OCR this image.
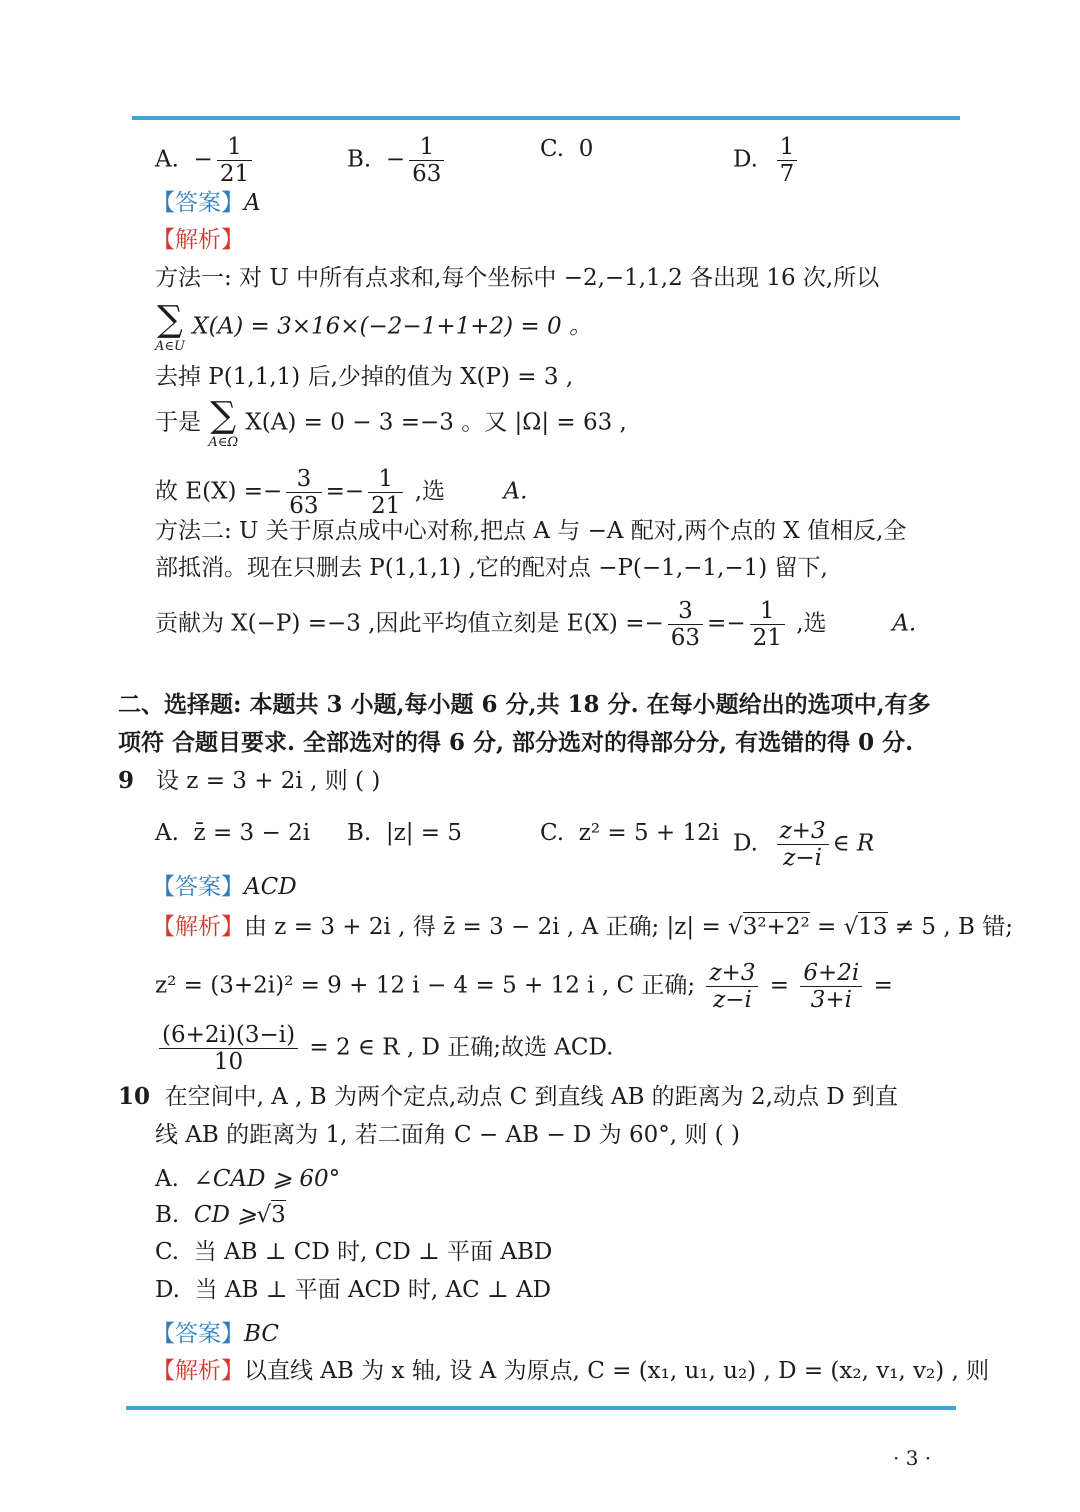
A. − $\frac{1}{21}$	B. − $\frac{1}{63}$	C. 0	D. $\frac{1}{7}$
【答案】A
【解析】
方法一: 对 U 中所有点求和,每个坐标中 −2,−1,1,2 各出现 16 次,所以
∑
A∈U
X(A) = 3×16×(−2−1+1+2) = 0 。
去掉 P(1,1,1) 后,少掉的值为 X(P) = 3 ,
于是 ∑
A∈Ω
X(A) = 0 − 3 =−3 。又 |Ω| = 63 ,
故 $E(X) =- \frac{3}{63} =- \frac{1}{21}$ ,选	A.
方法二: U 关于原点成中心对称,把点 A 与 −A 配对,两个点的 X 值相反,全
部抵消。现在只删去 P(1,1,1) ,它的配对点 −P(−1,−1,−1) 留下,
贡献为 X(−P) =−3 ,因此平均值立刻是 $E(X) =- \frac{3}{63} =- \frac{1}{21}$ ,选	A.
二、选择题: 本题共 3 小题,每小题 6 分,共 18 分. 在每小题给出的选项中,有多
项符 合题目要求. 全部选对的得 6 分, 部分选对的得部分分, 有选错的得 0 分.
9 设 z = 3 + 2i , 则 ( )
A. z̄ = 3 − 2i B. |z| = 5	C. z² = 5 + 12i D. $\frac{z+3}{z-i}$ ∈ R
【答案】ACD
【解析】由 z = 3 + 2i , 得 z̄ = 3 − 2i , A 正确; |z| = √3²+2² = √13 ≠ 5 , B 错;
z² = (3+2i)² = 9 + 12 i − 4 = 5 + 12 i , C 正确; $\frac{z+3}{z-i} = \frac{6+2i}{3+i}$ =
$\frac{(6+2i)(3-i)}{10} = 2$ ∈ R , D 正确;故选 ACD.
10 在空间中, A , B 为两个定点,动点 C 到直线 AB 的距离为 2,动点 D 到直
线 AB 的距离为 1, 若二面角 C − AB − D 为 60°, 则 ( )
A. ∠CAD ⩾ 60°
B. CD ⩾√3
C. 当 AB ⊥ CD 时, CD ⊥ 平面 ABD
D. 当 AB ⊥ 平面 ACD 时, AC ⊥ AD
【答案】BC
【解析】以直线 AB 为 x 轴, 设 A 为原点, C = (x₁, u₁, u₂) , D = (x₂, v₁, v₂) , 则
· 3 ·
